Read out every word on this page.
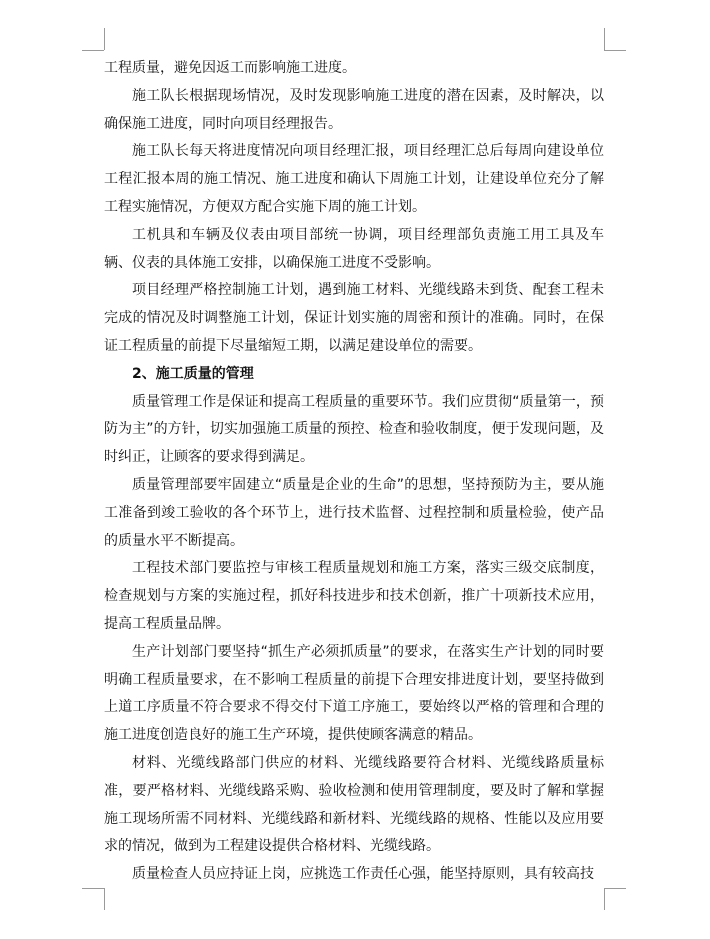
工程质量，避免因返工而影响施工进度。

施工队长根据现场情况，及时发现影响施工进度的潜在因素，及时解决，以确保施工进度，同时向项目经理报告。

施工队长每天将进度情况向项目经理汇报，项目经理汇总后每周向建设单位工程汇报本周的施工情况、施工进度和确认下周施工计划，让建设单位充分了解工程实施情况，方便双方配合实施下周的施工计划。

工机具和车辆及仪表由项目部统一协调，项目经理部负责施工用工具及车辆、仪表的具体施工安排，以确保施工进度不受影响。

项目经理严格控制施工计划，遇到施工材料、光缆线路未到货、配套工程未完成的情况及时调整施工计划，保证计划实施的周密和预计的准确。同时，在保证工程质量的前提下尽量缩短工期，以满足建设单位的需要。

2、施工质量的管理

质量管理工作是保证和提高工程质量的重要环节。我们应贯彻“质量第一，预防为主”的方针，切实加强施工质量的预控、检查和验收制度，便于发现问题，及时纠正，让顾客的要求得到满足。

质量管理部要牢固建立“质量是企业的生命”的思想，坚持预防为主，要从施工准备到竣工验收的各个环节上，进行技术监督、过程控制和质量检验，使产品的质量水平不断提高。

工程技术部门要监控与审核工程质量规划和施工方案，落实三级交底制度，检查规划与方案的实施过程，抓好科技进步和技术创新，推广十项新技术应用，提高工程质量品牌。

生产计划部门要坚持“抓生产必须抓质量”的要求，在落实生产计划的同时要明确工程质量要求，在不影响工程质量的前提下合理安排进度计划，要坚持做到上道工序质量不符合要求不得交付下道工序施工，要始终以严格的管理和合理的施工进度创造良好的施工生产环境，提供使顾客满意的精品。

材料、光缆线路部门供应的材料、光缆线路要符合材料、光缆线路质量标准，要严格材料、光缆线路采购、验收检测和使用管理制度，要及时了解和掌握施工现场所需不同材料、光缆线路和新材料、光缆线路的规格、性能以及应用要求的情况，做到为工程建设提供合格材料、光缆线路。

质量检查人员应持证上岗，应挑选工作责任心强，能坚持原则，具有较高技
